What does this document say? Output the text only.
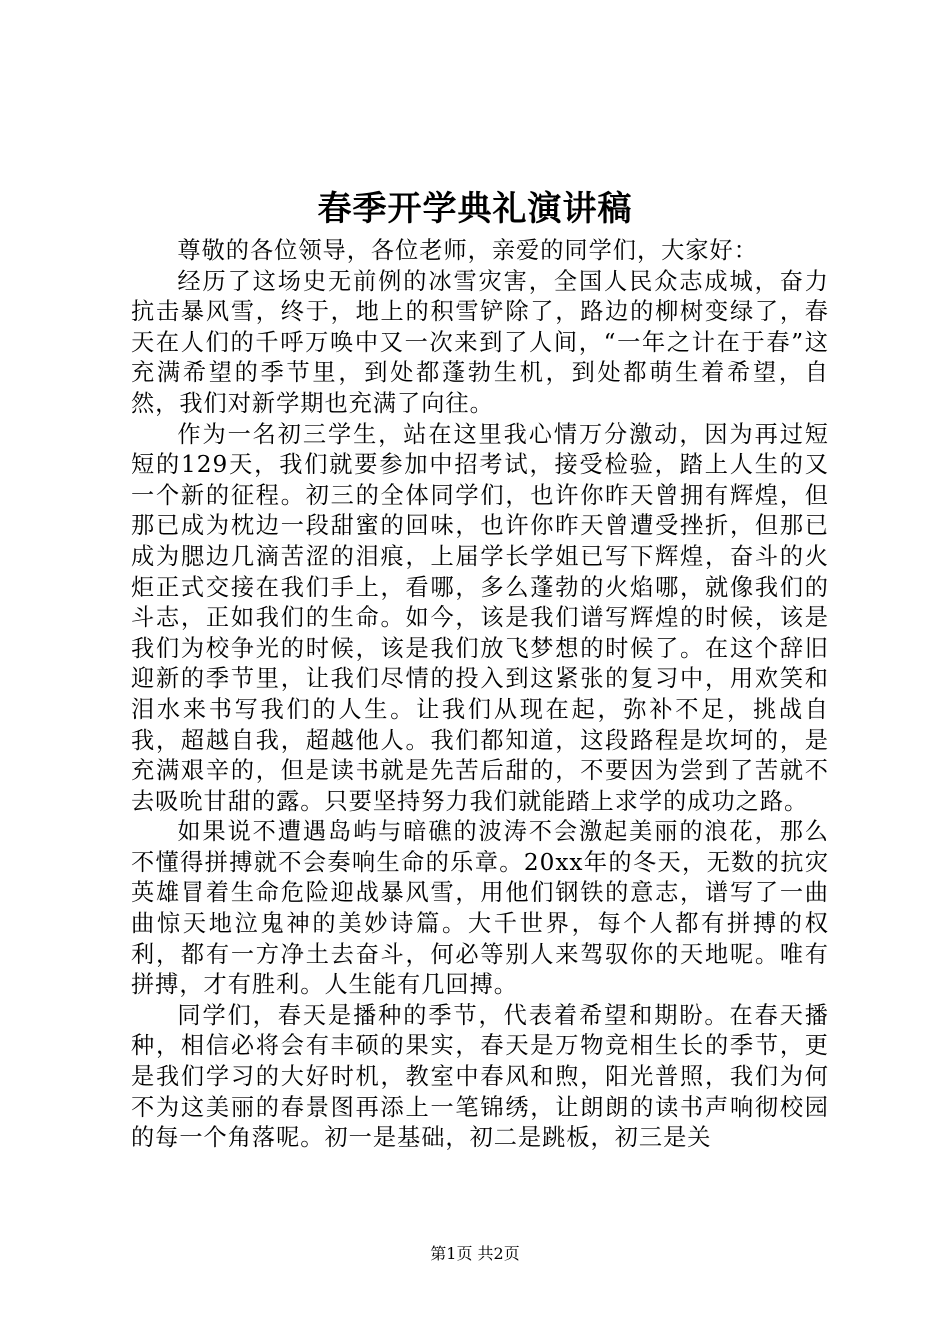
春季开学典礼演讲稿

尊敬的各位领导，各位老师，亲爱的同学们，大家好：

经历了这场史无前例的冰雪灾害，全国人民众志成城，奋力抗击暴风雪，终于，地上的积雪铲除了，路边的柳树变绿了，春天在人们的千呼万唤中又一次来到了人间，“一年之计在于春”这充满希望的季节里，到处都蓬勃生机，到处都萌生着希望，自然，我们对新学期也充满了向往。

作为一名初三学生，站在这里我心情万分激动，因为再过短短的129天，我们就要参加中招考试，接受检验，踏上人生的又一个新的征程。初三的全体同学们，也许你昨天曾拥有辉煌，但那已成为枕边一段甜蜜的回味，也许你昨天曾遭受挫折，但那已成为腮边几滴苦涩的泪痕，上届学长学姐已写下辉煌，奋斗的火炬正式交接在我们手上，看哪，多么蓬勃的火焰哪，就像我们的斗志，正如我们的生命。如今，该是我们谱写辉煌的时候，该是我们为校争光的时候，该是我们放飞梦想的时候了。在这个辞旧迎新的季节里，让我们尽情的投入到这紧张的复习中，用欢笑和泪水来书写我们的人生。让我们从现在起，弥补不足，挑战自我，超越自我，超越他人。我们都知道，这段路程是坎坷的，是充满艰辛的，但是读书就是先苦后甜的，不要因为尝到了苦就不去吸吮甘甜的露。只要坚持努力我们就能踏上求学的成功之路。

如果说不遭遇岛屿与暗礁的波涛不会激起美丽的浪花，那么不懂得拼搏就不会奏响生命的乐章。20xx年的冬天，无数的抗灾英雄冒着生命危险迎战暴风雪，用他们钢铁的意志，谱写了一曲曲惊天地泣鬼神的美妙诗篇。大千世界，每个人都有拼搏的权利，都有一方净土去奋斗，何必等别人来驾驭你的天地呢。唯有拼搏，才有胜利。人生能有几回搏。

同学们，春天是播种的季节，代表着希望和期盼。在春天播种，相信必将会有丰硕的果实，春天是万物竞相生长的季节，更是我们学习的大好时机，教室中春风和煦，阳光普照，我们为何不为这美丽的春景图再添上一笔锦绣，让朗朗的读书声响彻校园的每一个角落呢。初一是基础，初二是跳板，初三是关

第1页 共2页
